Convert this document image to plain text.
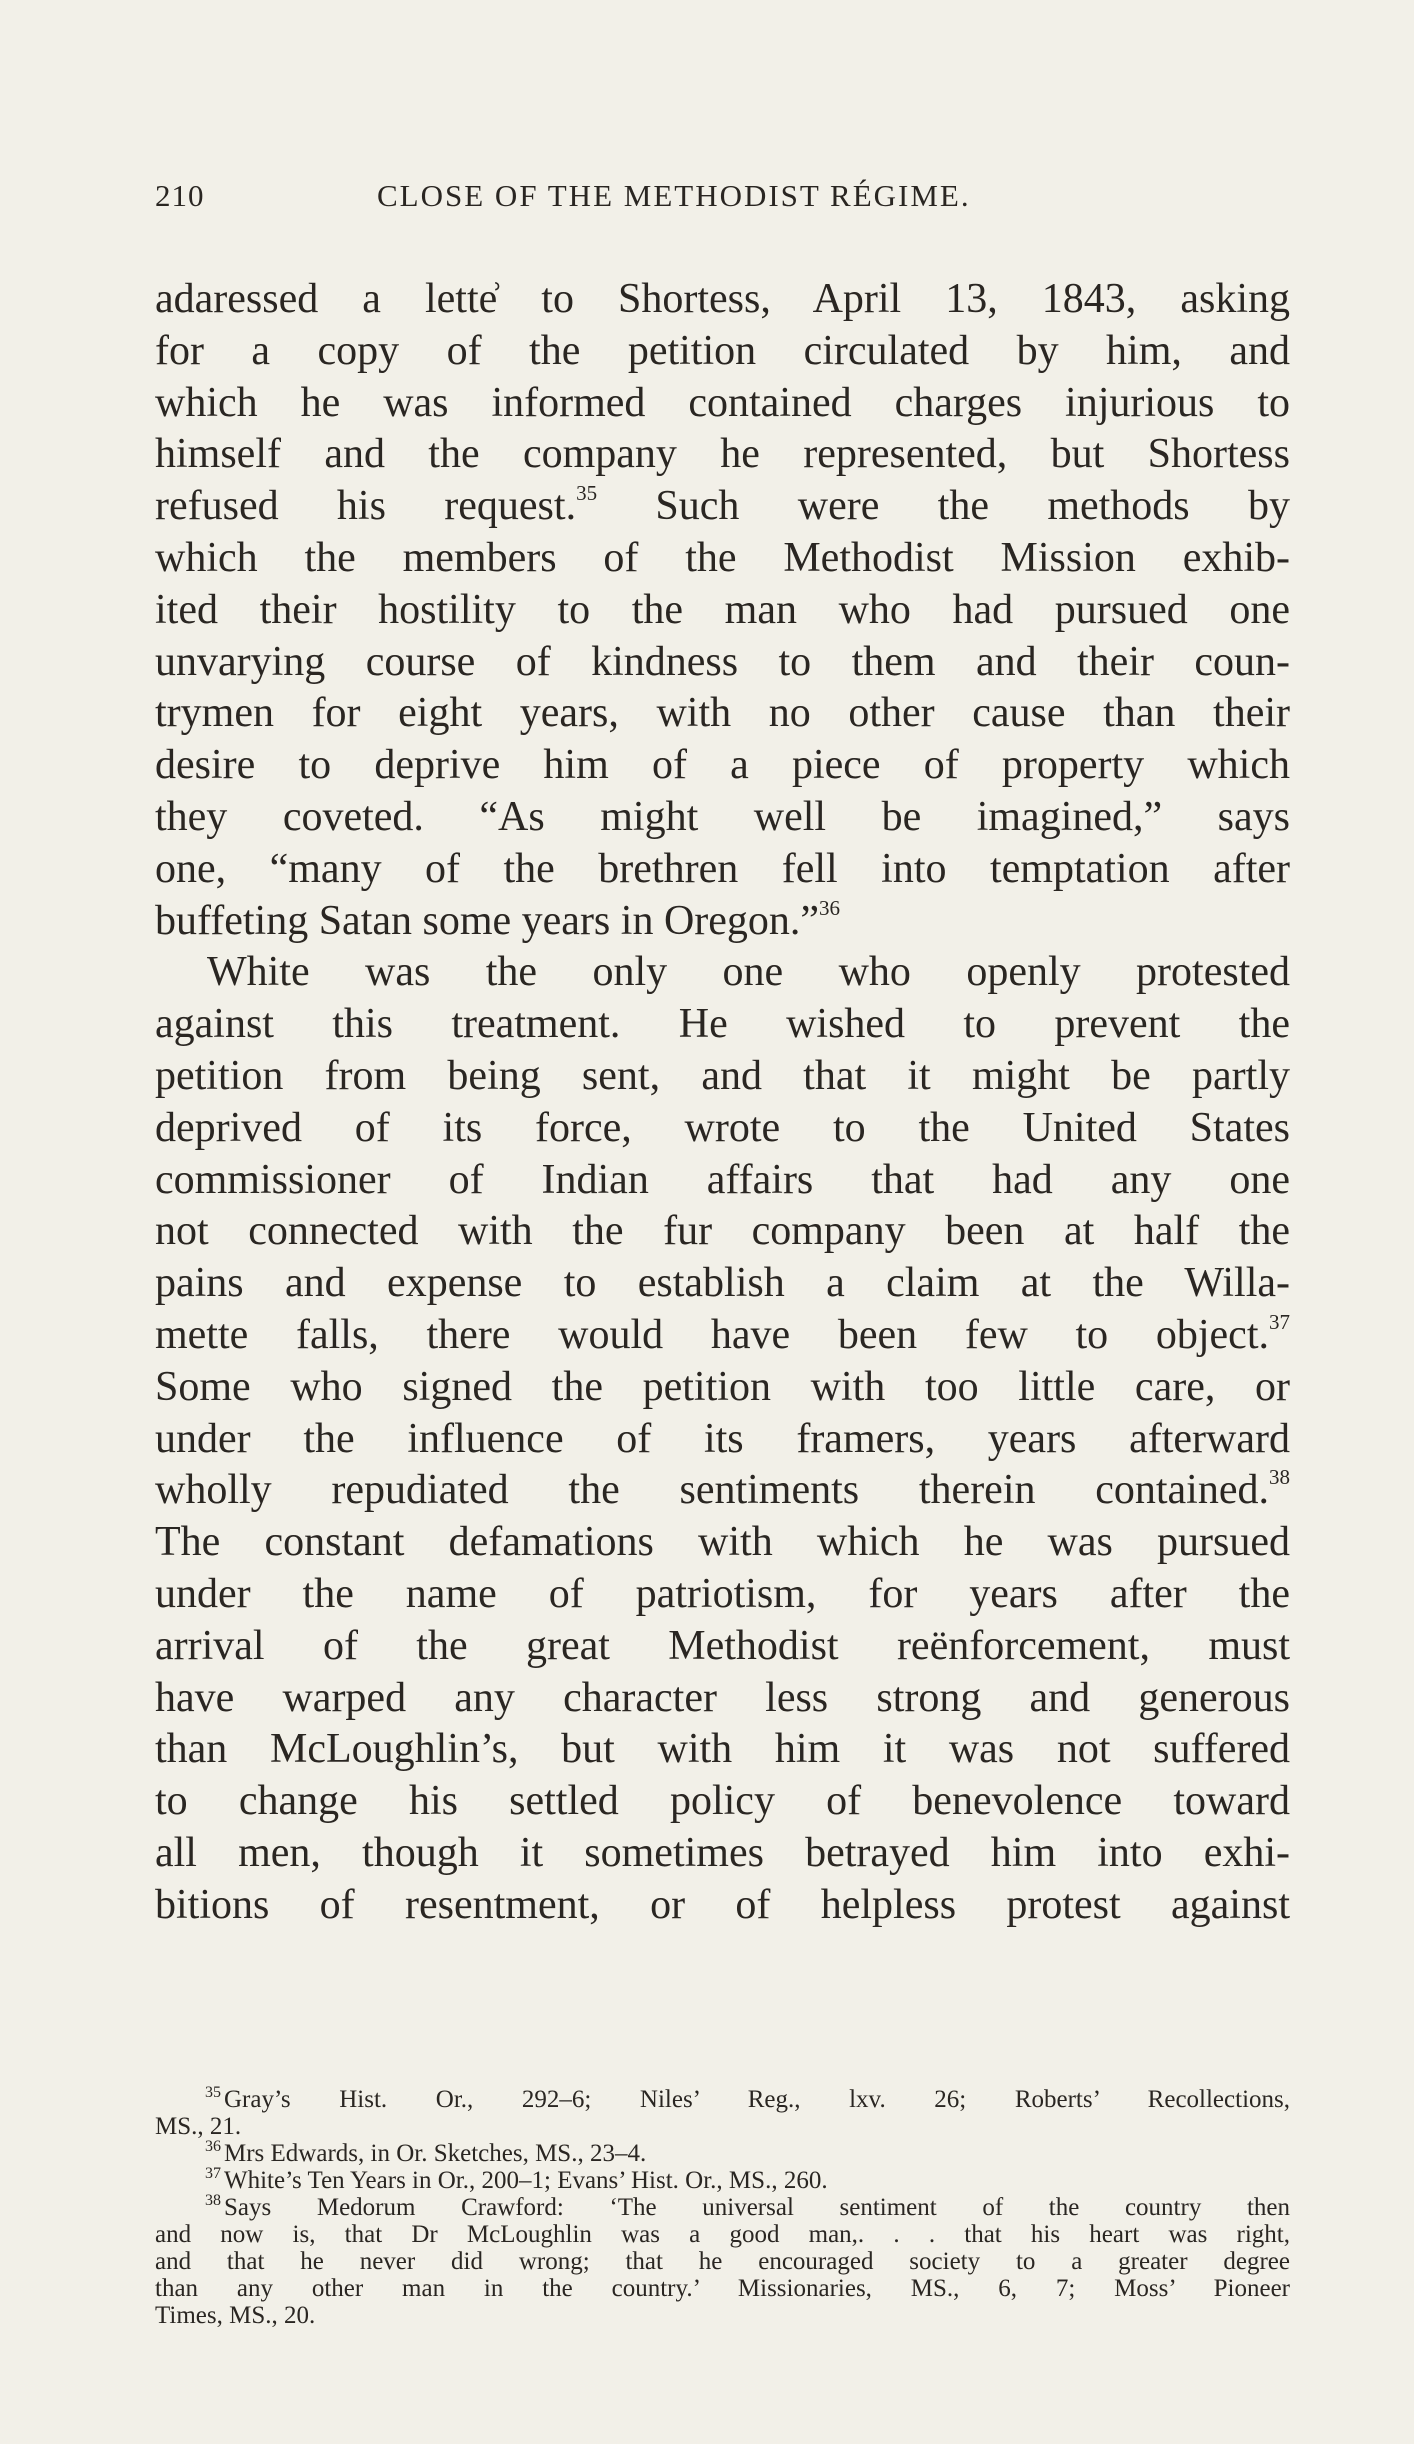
210	CLOSE OF THE METHODIST RÉGIME.
adaressed a lette͗ to Shortess, April 13, 1843, asking
for a copy of the petition circulated by him, and
which he was informed contained charges injurious to
himself and the company he represented, but Shortess
refused his request.$^{35}$ Such were the methods by
which the members of the Methodist Mission exhib-
ited their hostility to the man who had pursued one
unvarying course of kindness to them and their coun-
trymen for eight years, with no other cause than their
desire to deprive him of a piece of property which
they coveted. “As might well be imagined,” says
one, “many of the brethren fell into temptation after
buffeting Satan some years in Oregon.”$^{36}$
White was the only one who openly protested
against this treatment. He wished to prevent the
petition from being sent, and that it might be partly
deprived of its force, wrote to the United States
commissioner of Indian affairs that had any one
not connected with the fur company been at half the
pains and expense to establish a claim at the Willa-
mette falls, there would have been few to object.$^{37}$
Some who signed the petition with too little care, or
under the influence of its framers, years afterward
wholly repudiated the sentiments therein contained.$^{38}$
The constant defamations with which he was pursued
under the name of patriotism, for years after the
arrival of the great Methodist reënforcement, must
have warped any character less strong and generous
than McLoughlin’s, but with him it was not suffered
to change his settled policy of benevolence toward
all men, though it sometimes betrayed him into exhi-
bitions of resentment, or of helpless protest against
$^{35}$ Gray’s Hist. Or., 292–6; Niles’ Reg., lxv. 26; Roberts’ Recollections,
MS., 21.
$^{36}$ Mrs Edwards, in Or. Sketches, MS., 23–4.
$^{37}$ White’s Ten Years in Or., 200–1; Evans’ Hist. Or., MS., 260.
$^{38}$ Says Medorum Crawford: ‘The universal sentiment of the country then
and now is, that Dr McLoughlin was a good man,. . . that his heart was right,
and that he never did wrong; that he encouraged society to a greater degree
than any other man in the country.’ Missionaries, MS., 6, 7; Moss’ Pioneer
Times, MS., 20.
